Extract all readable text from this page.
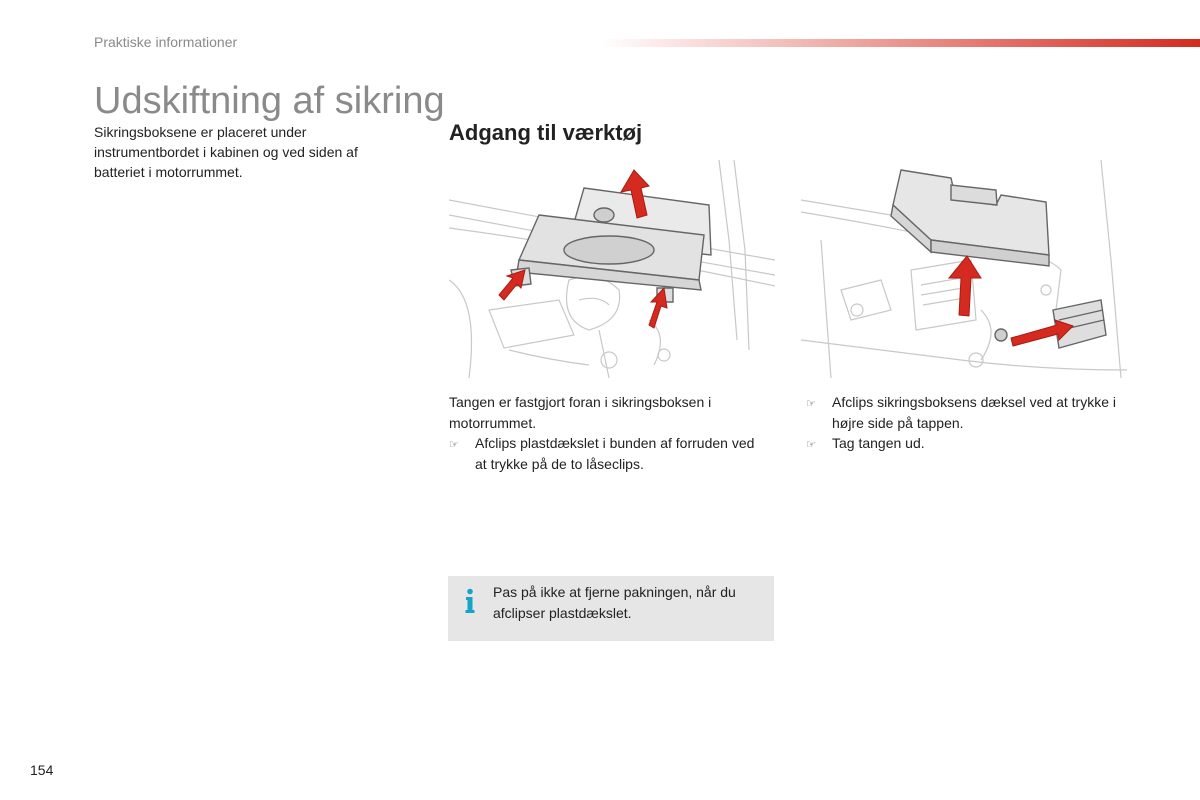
Praktiske informationer
Udskiftning af sikring

Sikringsboksene er placeret under instrumentbordet i kabinen og ved siden af batteriet i motorrummet.

Adgang til værktøj

Tangen er fastgjort foran i sikringsboksen i motorrummet.

☞ Afclips plastdækslet i bunden af forruden ved at trykke på de to låseclips.

☞ Afclips sikringsboksens dæksel ved at trykke i højre side på tappen.

☞ Tag tangen ud.

Pas på ikke at fjerne pakningen, når du afclipser plastdækslet.

154
